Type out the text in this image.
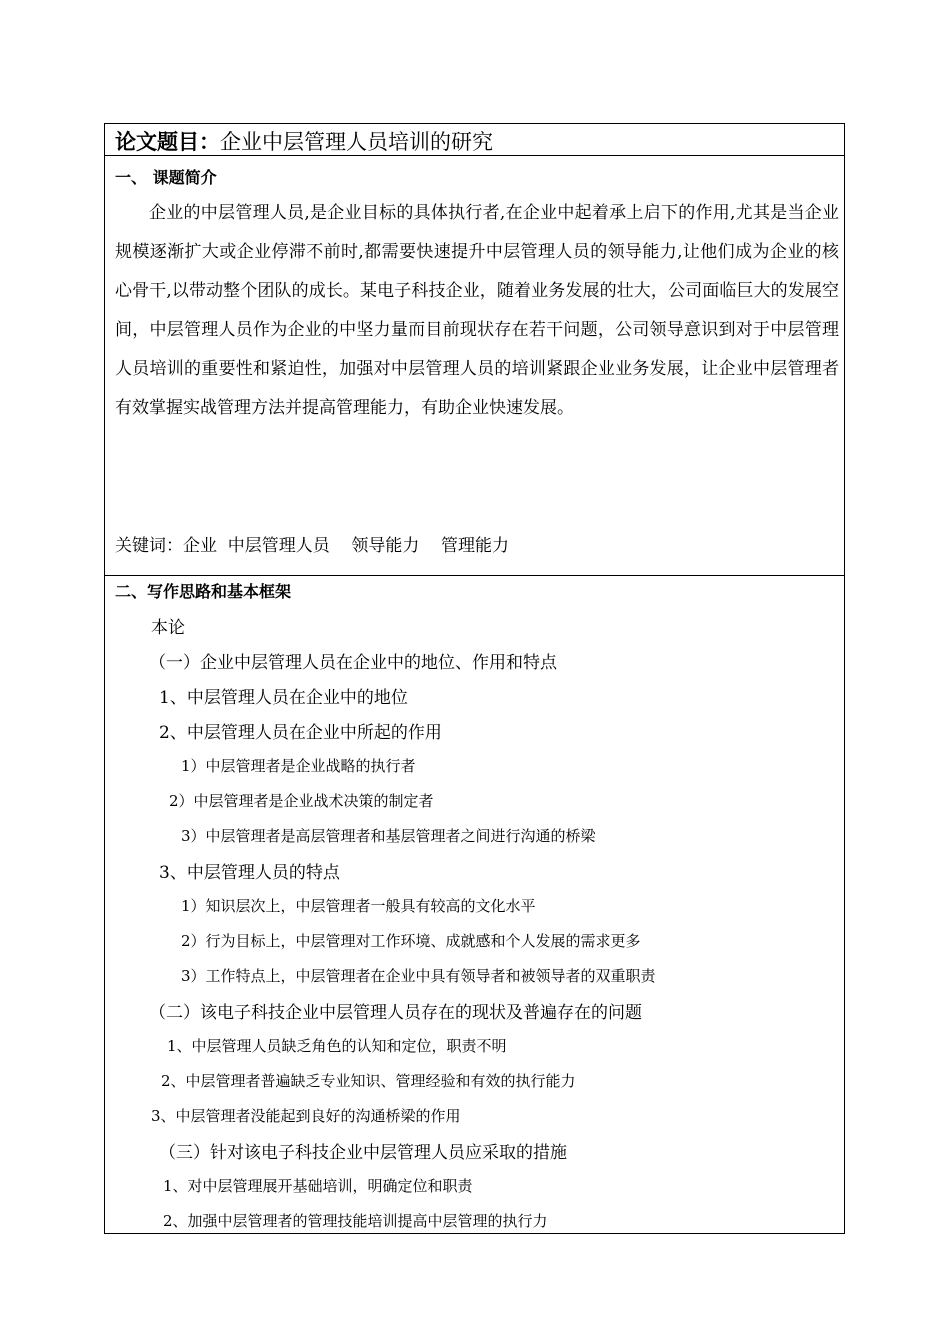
论文题目：企业中层管理人员培训的研究
一、 课题简介
企业的中层管理人员,是企业目标的具体执行者,在企业中起着承上启下的作用,尤其是当企业规模逐渐扩大或企业停滞不前时,都需要快速提升中层管理人员的领导能力,让他们成为企业的核心骨干,以带动整个团队的成长。某电子科技企业，随着业务发展的壮大，公司面临巨大的发展空间，中层管理人员作为企业的中坚力量而目前现状存在若干问题，公司领导意识到对于中层管理人员培训的重要性和紧迫性，加强对中层管理人员的培训紧跟企业业务发展，让企业中层管理者有效掌握实战管理方法并提高管理能力，有助企业快速发展。
关键词：企业  中层管理人员    领导能力    管理能力
二、写作思路和基本框架
本论
（一）企业中层管理人员在企业中的地位、作用和特点
1、中层管理人员在企业中的地位
2、中层管理人员在企业中所起的作用
1）中层管理者是企业战略的执行者
2）中层管理者是企业战术决策的制定者
3）中层管理者是高层管理者和基层管理者之间进行沟通的桥梁
3、中层管理人员的特点
1）知识层次上，中层管理者一般具有较高的文化水平
2）行为目标上，中层管理对工作环境、成就感和个人发展的需求更多
3）工作特点上，中层管理者在企业中具有领导者和被领导者的双重职责
（二）该电子科技企业中层管理人员存在的现状及普遍存在的问题
1、中层管理人员缺乏角色的认知和定位，职责不明
2、中层管理者普遍缺乏专业知识、管理经验和有效的执行能力
3、中层管理者没能起到良好的沟通桥梁的作用
（三）针对该电子科技企业中层管理人员应采取的措施
1、对中层管理展开基础培训，明确定位和职责
2、加强中层管理者的管理技能培训提高中层管理的执行力
